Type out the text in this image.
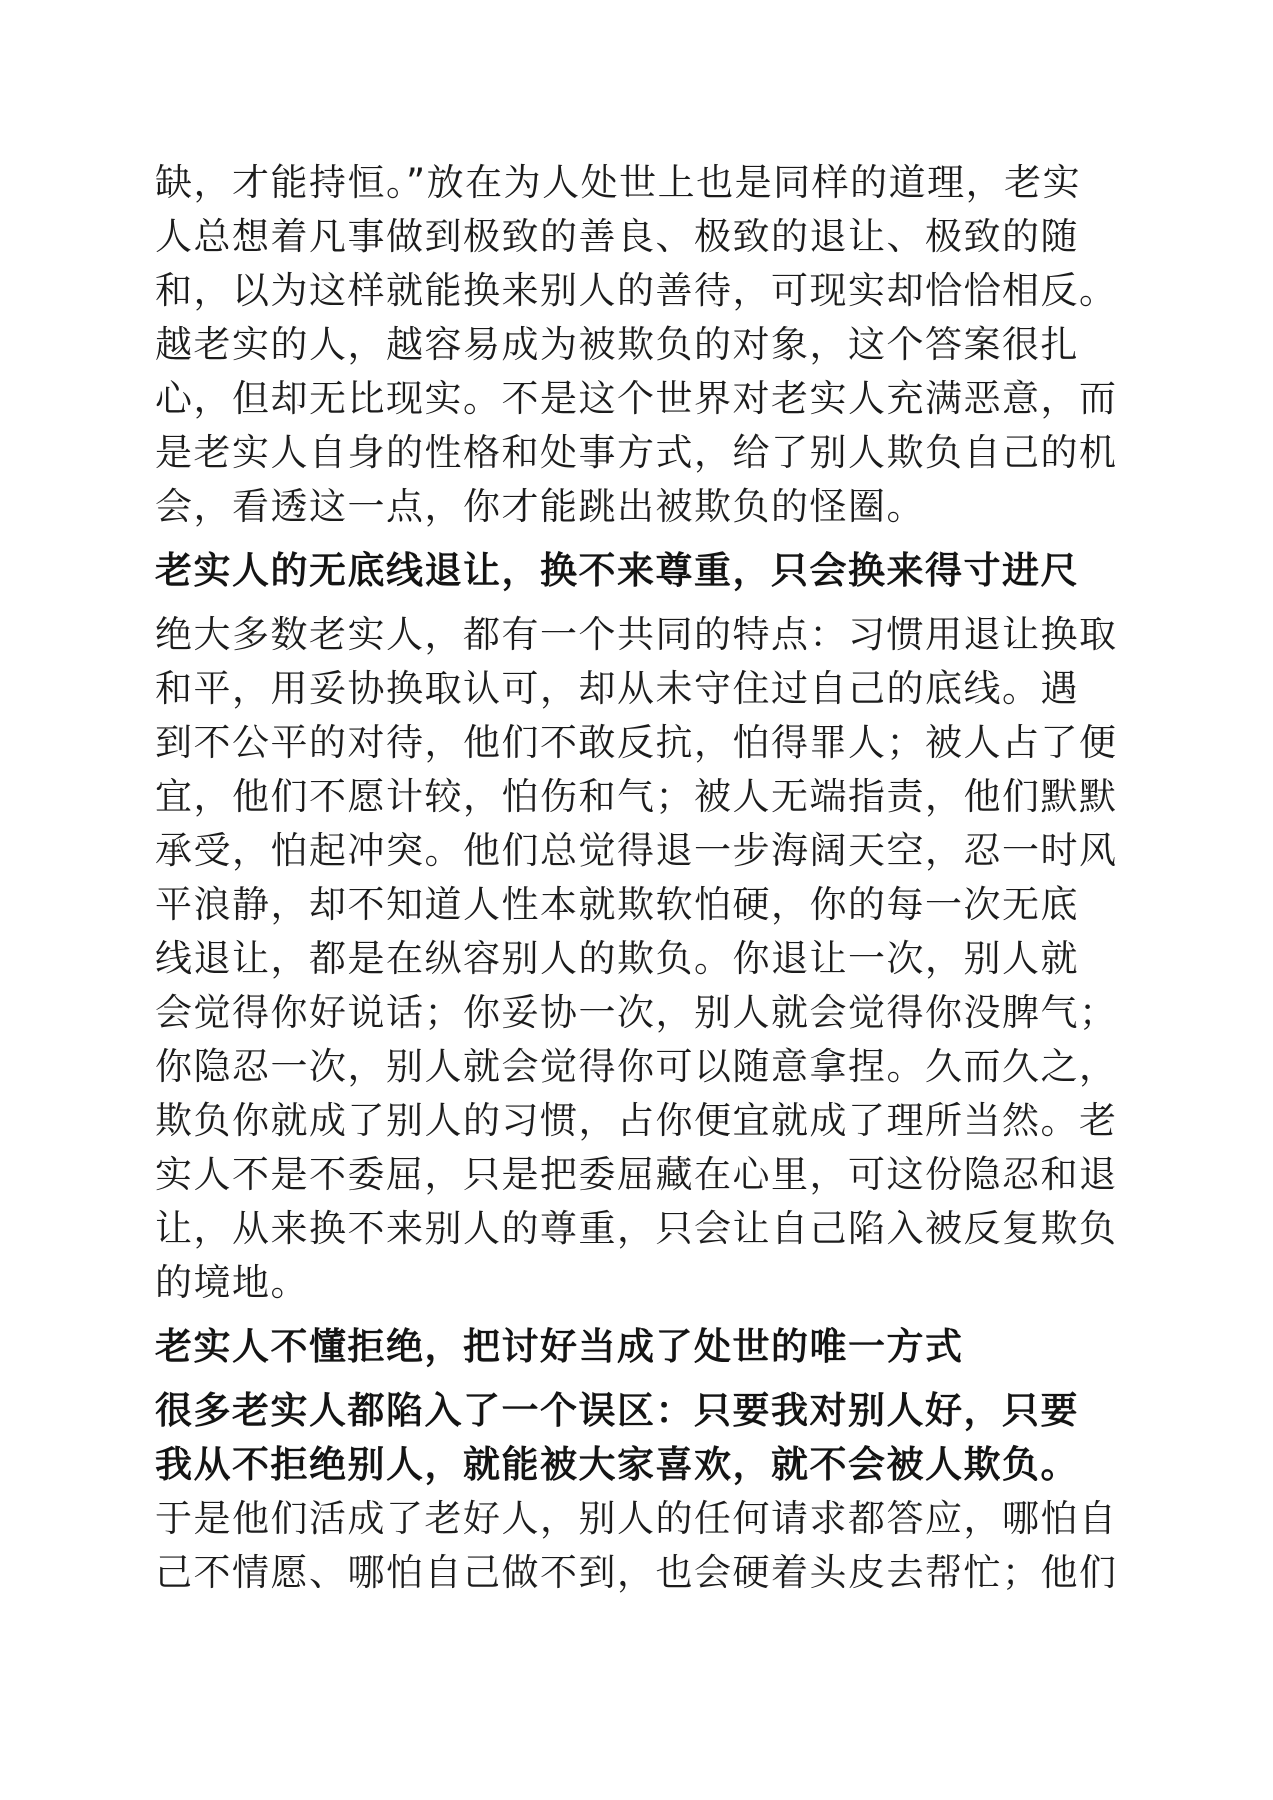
缺，才能持恒。”放在为人处世上也是同样的道理，老实
人总想着凡事做到极致的善良、极致的退让、极致的随
和，以为这样就能换来别人的善待，可现实却恰恰相反。
越老实的人，越容易成为被欺负的对象，这个答案很扎
心，但却无比现实。不是这个世界对老实人充满恶意，而
是老实人自身的性格和处事方式，给了别人欺负自己的机
会，看透这一点，你才能跳出被欺负的怪圈。
老实人的无底线退让，换不来尊重，只会换来得寸进尺
绝大多数老实人，都有一个共同的特点：习惯用退让换取
和平，用妥协换取认可，却从未守住过自己的底线。遇
到不公平的对待，他们不敢反抗，怕得罪人；被人占了便
宜，他们不愿计较，怕伤和气；被人无端指责，他们默默
承受，怕起冲突。他们总觉得退一步海阔天空，忍一时风
平浪静，却不知道人性本就欺软怕硬，你的每一次无底
线退让，都是在纵容别人的欺负。你退让一次，别人就
会觉得你好说话；你妥协一次，别人就会觉得你没脾气；
你隐忍一次，别人就会觉得你可以随意拿捏。久而久之，
欺负你就成了别人的习惯，占你便宜就成了理所当然。老
实人不是不委屈，只是把委屈藏在心里，可这份隐忍和退
让，从来换不来别人的尊重，只会让自己陷入被反复欺负
的境地。
老实人不懂拒绝，把讨好当成了处世的唯一方式
很多老实人都陷入了一个误区：只要我对别人好，只要
我从不拒绝别人，就能被大家喜欢，就不会被人欺负。
于是他们活成了老好人，别人的任何请求都答应，哪怕自
己不情愿、哪怕自己做不到，也会硬着头皮去帮忙；他们
